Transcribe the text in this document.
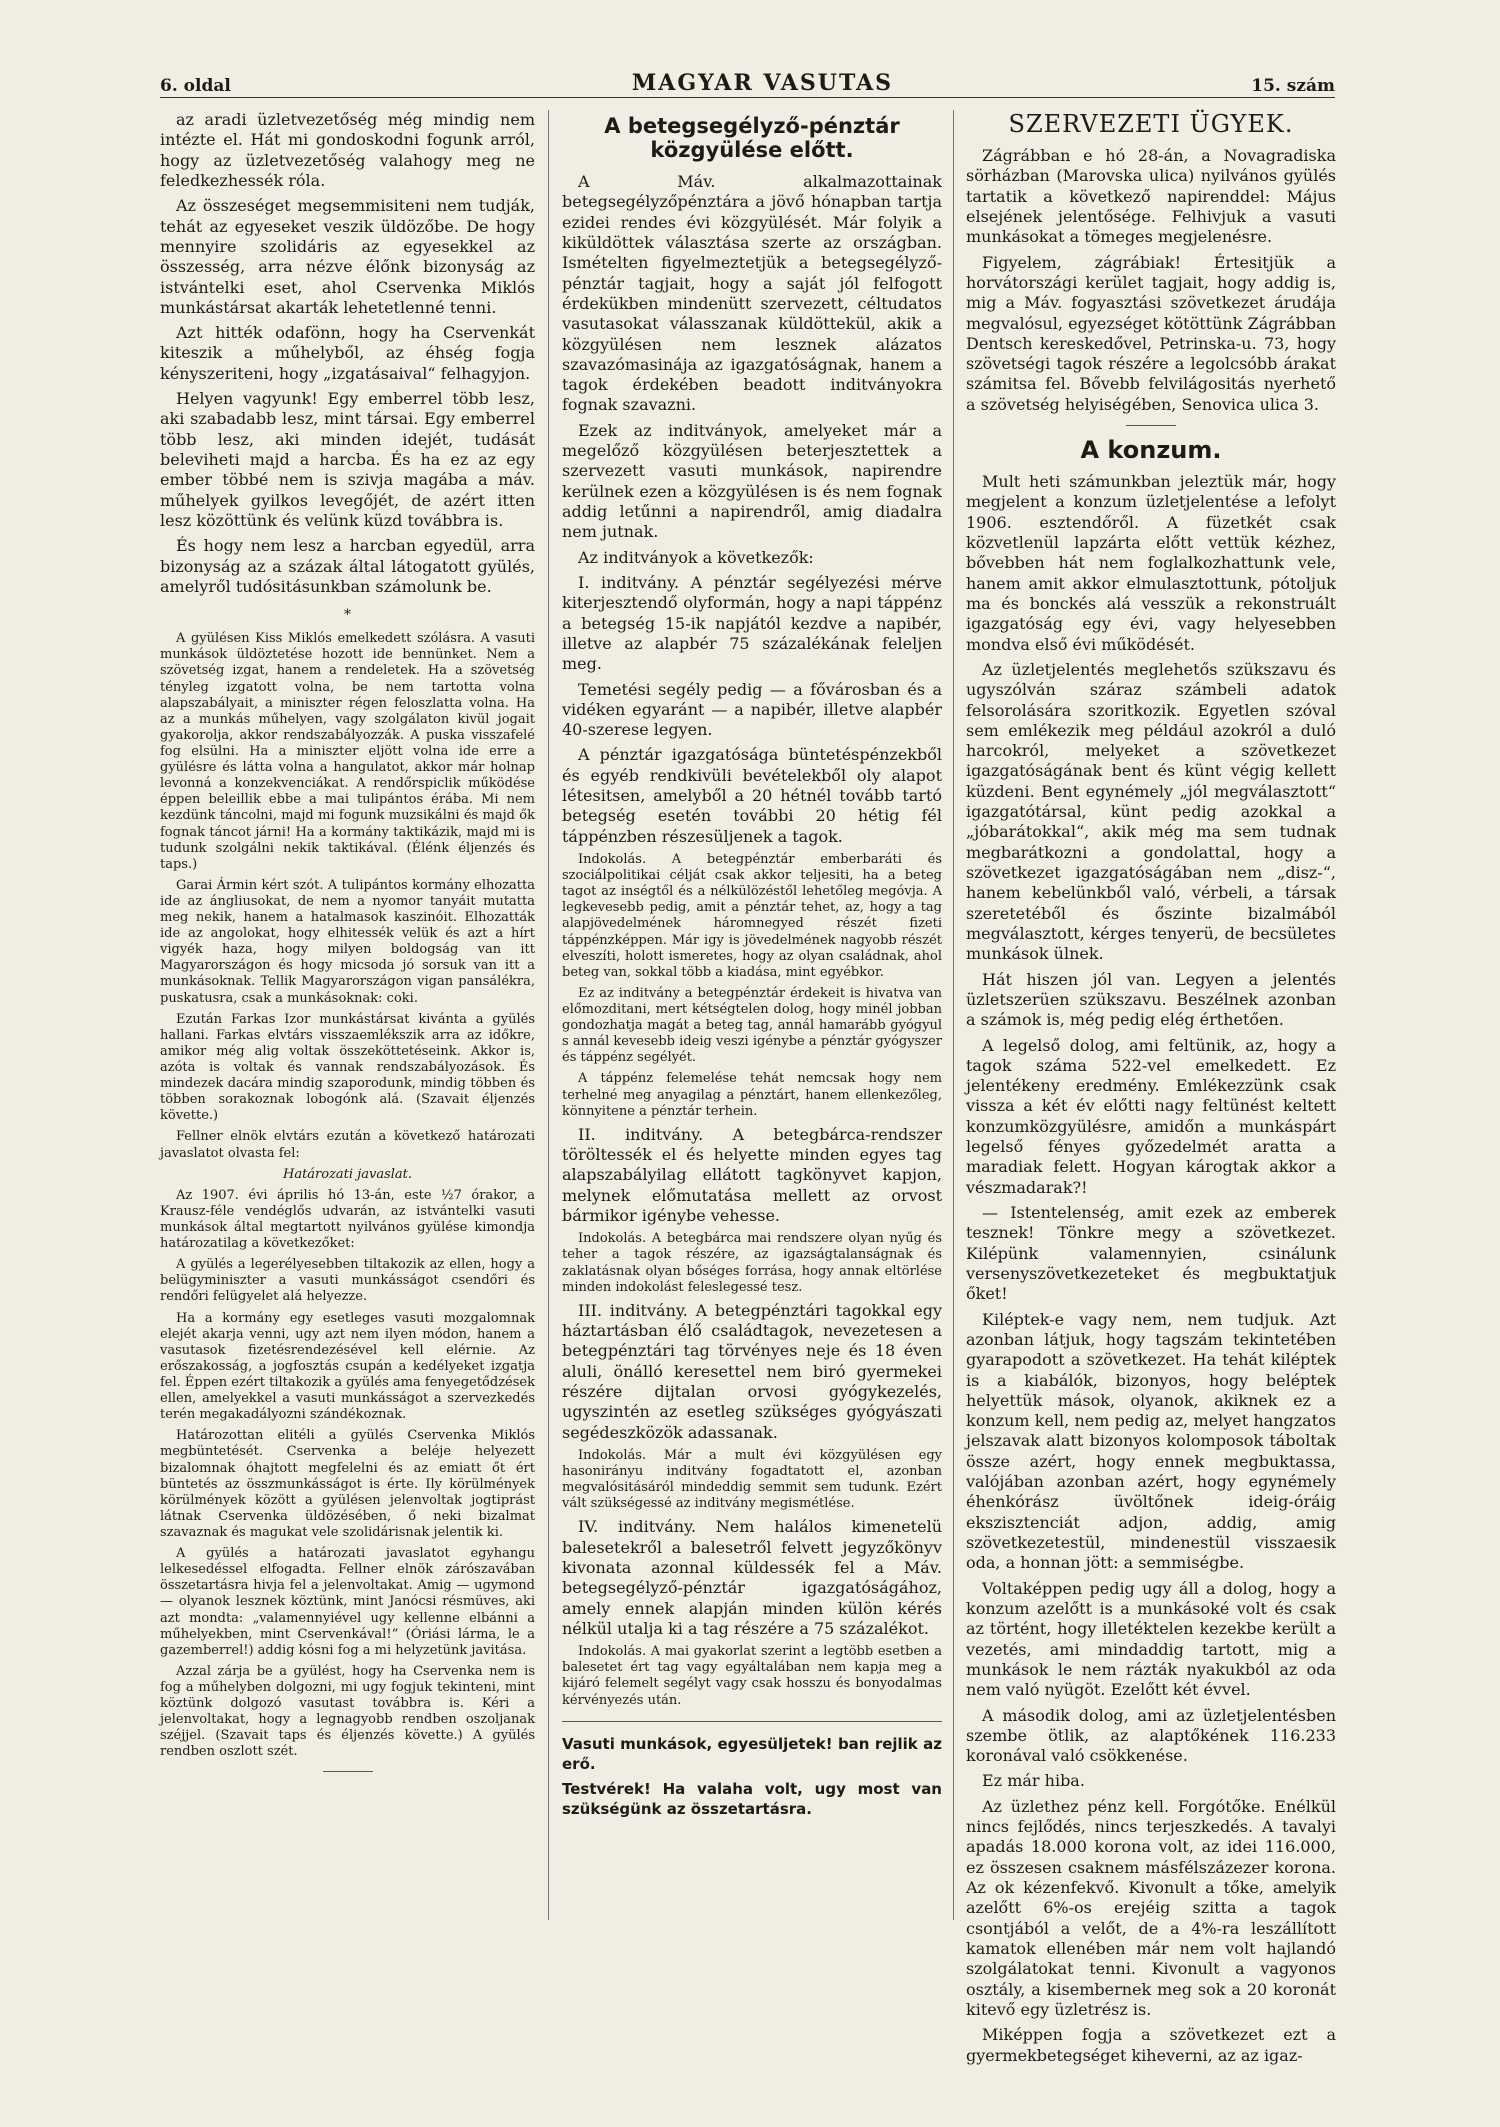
6. oldal	MAGYAR VASUTAS	15. szám

az aradi üzletvezetőség még mindig nem intézte el. Hát mi gondoskodni fogunk arról, hogy az üzletvezetőség valahogy meg ne feledkezhessék róla.

Az összeséget megsemmisiteni nem tudják, tehát az egyeseket veszik üldözőbe. De hogy mennyire szolidáris az egyesekkel az összesség, arra nézve élőnk bizonyság az istvántelki eset, ahol Cservenka Miklós munkástársat akarták lehetetlenné tenni.

Azt hitték odafönn, hogy ha Cservenkát kiteszik a műhelyből, az éhség fogja kényszeriteni, hogy „izgatásaival“ felhagyjon.

Helyen vagyunk! Egy emberrel több lesz, aki szabadabb lesz, mint társai. Egy emberrel több lesz, aki minden idejét, tudását beleviheti majd a harcba. És ha ez az egy ember többé nem is szivja magába a máv. műhelyek gyilkos levegőjét, de azért itten lesz közöttünk és velünk küzd továbbra is.

És hogy nem lesz a harcban egyedül, arra bizonyság az a százak által látogatott gyülés, amelyről tudósitásunkban számolunk be.

*

A gyülésen Kiss Miklós emelkedett szólásra. A vasuti munkások üldöztetése hozott ide bennünket. Nem a szövetség izgat, hanem a rendeletek. Ha a szövetség tényleg izgatott volna, be nem tartotta volna alapszabályait, a miniszter régen feloszlatta volna. Ha az a munkás műhelyen, vagy szolgálaton kivül jogait gyakorolja, akkor rendszabályozzák. A puska visszafelé fog elsülni. Ha a miniszter eljött volna ide erre a gyülésre és látta volna a hangulatot, akkor már holnap levonná a konzekvenciákat. A rendőrspiclik működése éppen beleillik ebbe a mai tulipántos érába. Mi nem kezdünk táncolni, majd mi fogunk muzsikálni és majd ők fognak táncot járni! Ha a kormány taktikázik, majd mi is tudunk szolgálni nekik taktikával. (Élénk éljenzés és taps.)

Garai Ármin kért szót. A tulipántos kormány elhozatta ide az ángliusokat, de nem a nyomor tanyáit mutatta meg nekik, hanem a hatalmasok kaszinóit. Elhozatták ide az angolokat, hogy elhitessék velük és azt a hírt vigyék haza, hogy milyen boldogság van itt Magyarországon és hogy micsoda jó sorsuk van itt a munkásoknak. Tellik Magyarországon vigan pansálékra, puskatusra, csak a munkásoknak: coki.

Ezután Farkas Izor munkástársat kivánta a gyülés hallani. Farkas elvtárs visszaemlékszik arra az időkre, amikor még alig voltak összeköttetéseink. Akkor is, azóta is voltak és vannak rendszabályozások. És mindezek dacára mindig szaporodunk, mindig többen és többen sorakoznak lobogónk alá. (Szavait éljenzés követte.)

Fellner elnök elvtárs ezután a következő határozati javaslatot olvasta fel:

Határozati javaslat.

Az 1907. évi április hó 13-án, este ½7 órakor, a Krausz-féle vendéglős udvarán, az istvántelki vasuti munkások által megtartott nyilvános gyülése kimondja határozatilag a következőket:

A gyülés a legerélyesebben tiltakozik az ellen, hogy a belügyminiszter a vasuti munkásságot csendőri és rendőri felügyelet alá helyezze.

Ha a kormány egy esetleges vasuti mozgalomnak elejét akarja venni, ugy azt nem ilyen módon, hanem a vasutasok fizetésrendezésével kell elérnie. Az erőszakosság, a jogfosztás csupán a kedélyeket izgatja fel. Éppen ezért tiltakozik a gyülés ama fenyegetődzések ellen, amelyekkel a vasuti munkásságot a szervezkedés terén megakadályozni szándékoznak.

Határozottan elitéli a gyülés Cservenka Miklós megbüntetését. Cservenka a beléje helyezett bizalomnak óhajtott megfelelni és az emiatt őt ért büntetés az összmunkásságot is érte. Ily körülmények körülmények között a gyülésen jelenvoltak jogtiprást látnak Cservenka üldözésében, ő neki bizalmat szavaznak és magukat vele szolidárisnak jelentik ki.

A gyülés a határozati javaslatot egyhangu lelkesedéssel elfogadta. Fellner elnök zárószavában összetartásra hivja fel a jelenvoltakat. Amig — ugymond — olyanok lesznek köztünk, mint Janócsi résmüves, aki azt mondta: „valamennyiével ugy kellenne elbánni a műhelyekben, mint Cservenkával!“ (Óriási lárma, le a gazemberrel!) addig kósni fog a mi helyzetünk javitása.

Azzal zárja be a gyülést, hogy ha Cservenka nem is fog a műhelyben dolgozni, mi ugy fogjuk tekinteni, mint köztünk dolgozó vasutast továbbra is. Kéri a jelenvoltakat, hogy a legnagyobb rendben oszoljanak széjjel. (Szavait taps és éljenzés követte.) A gyülés rendben oszlott szét.

A betegsegélyző-pénztár közgyülése előtt.

A Máv. alkalmazottainak betegsegélyzőpénztára a jövő hónapban tartja ezidei rendes évi közgyülését. Már folyik a kiküldöttek választása szerte az országban. Ismételten figyelmeztetjük a betegsegélyző-pénztár tagjait, hogy a saját jól felfogott érdekükben mindenütt szervezett, céltudatos vasutasokat válasszanak küldöttekül, akik a közgyülésen nem lesznek alázatos szavazómasinája az igazgatóságnak, hanem a tagok érdekében beadott inditványokra fognak szavazni.

Ezek az inditványok, amelyeket már a megelőző közgyülésen beterjesztettek a szervezett vasuti munkások, napirendre kerülnek ezen a közgyülésen is és nem fognak addig letűnni a napirendről, amig diadalra nem jutnak.

Az inditványok a következők:

I. inditvány. A pénztár segélyezési mérve kiterjesztendő olyformán, hogy a napi táppénz a betegség 15-ik napjától kezdve a napibér, illetve az alapbér 75 százalékának feleljen meg.

Temetési segély pedig — a fővárosban és a vidéken egyaránt — a napibér, illetve alapbér 40-szerese legyen.

A pénztár igazgatósága büntetéspénzekből és egyéb rendkivüli bevételekből oly alapot létesitsen, amelyből a 20 hétnél tovább tartó betegség esetén további 20 hétig fél táppénzben részesüljenek a tagok.

Indokolás. A betegpénztár emberbaráti és szociálpolitikai célját csak akkor teljesiti, ha a beteg tagot az inségtől és a nélkülözéstől lehetőleg megóvja. A legkevesebb pedig, amit a pénztár tehet, az, hogy a tag alapjövedelmének háromnegyed részét fizeti táppénzképpen. Már igy is jövedelmének nagyobb részét elveszíti, holott ismeretes, hogy az olyan családnak, ahol beteg van, sokkal több a kiadása, mint egyébkor.

Ez az inditvány a betegpénztár érdekeit is hivatva van előmozditani, mert kétségtelen dolog, hogy minél jobban gondozhatja magát a beteg tag, annál hamarább gyógyul s annál kevesebb ideig veszi igénybe a pénztár gyógyszer és táppénz segélyét.

A táppénz felemelése tehát nemcsak hogy nem terhelné meg anyagilag a pénztárt, hanem ellenkezőleg, könnyitene a pénztár terhein.

II. inditvány. A betegbárca-rendszer töröltessék el és helyette minden egyes tag alapszabályilag ellátott tagkönyvet kapjon, melynek előmutatása mellett az orvost bármikor igénybe vehesse.

Indokolás. A betegbárca mai rendszere olyan nyűg és teher a tagok részére, az igazságtalanságnak és zaklatásnak olyan bőséges forrása, hogy annak eltörlése minden indokolást feleslegessé tesz.

III. inditvány. A betegpénztári tagokkal egy háztartásban élő családtagok, nevezetesen a betegpénztári tag törvényes neje és 18 éven aluli, önálló keresettel nem biró gyermekei részére dijtalan orvosi gyógykezelés, ugyszintén az esetleg szükséges gyógyászati segédeszközök adassanak.

Indokolás. Már a mult évi közgyülésen egy hasonirányu inditvány fogadtatott el, azonban megvalósitásáról mindeddig semmit sem tudunk. Ezért vált szükségessé az inditvány megismétlése.

IV. inditvány. Nem halálos kimenetelü balesetekről a balesetről felvett jegyzőkönyv kivonata azonnal küldessék fel a Máv. betegsegélyző-pénztár igazgatóságához, amely ennek alapján minden külön kérés nélkül utalja ki a tag részére a 75 százalékot.

Indokolás. A mai gyakorlat szerint a legtöbb esetben a balesetet ért tag vagy egyáltalában nem kapja meg a kijáró felemelt segélyt vagy csak hosszu és bonyodalmas kérvényezés után.

Vasuti munkások, egyesüljetek! ban rejlik az erő.

Testvérek! Ha valaha volt, ugy most van szükségünk az összetartásra.

SZERVEZETI ÜGYEK.

Zágrábban e hó 28-án, a Novagradiska sörházban (Marovska ulica) nyilvános gyülés tartatik a következő napirenddel: Május elsejének jelentősége. Felhivjuk a vasuti munkásokat a tömeges megjelenésre.

Figyelem, zágrábiak! Értesitjük a horvátországi kerület tagjait, hogy addig is, mig a Máv. fogyasztási szövetkezet árudája megvalósul, egyezséget kötöttünk Zágrábban Dentsch kereskedővel, Petrinska-u. 73, hogy szövetségi tagok részére a legolcsóbb árakat számitsa fel. Bővebb felvilágositás nyerhető a szövetség helyiségében, Senovica ulica 3.

A konzum.

Mult heti számunkban jeleztük már, hogy megjelent a konzum üzletjelentése a lefolyt 1906. esztendőről. A füzetkét csak közvetlenül lapzárta előtt vettük kézhez, bővebben hát nem foglalkozhattunk vele, hanem amit akkor elmulasztottunk, pótoljuk ma és bonckés alá vesszük a rekonstruált igazgatóság egy évi, vagy helyesebben mondva első évi működését.

Az üzletjelentés meglehetős szükszavu és ugyszólván száraz számbeli adatok felsorolására szoritkozik. Egyetlen szóval sem emlékezik meg például azokról a duló harcokról, melyeket a szövetkezet igazgatóságának bent és künt végig kellett küzdeni. Bent egynémely „jól megválasztott“ igazgatótársal, künt pedig azokkal a „jóbarátokkal“, akik még ma sem tudnak megbarátkozni a gondolattal, hogy a szövetkezet igazgatóságában nem „disz-“, hanem kebelünkből való, vérbeli, a társak szeretetéből és őszinte bizalmából megválasztott, kérges tenyerü, de becsületes munkások ülnek.

Hát hiszen jól van. Legyen a jelentés üzletszerüen szükszavu. Beszélnek azonban a számok is, még pedig elég érthetően.

A legelső dolog, ami feltünik, az, hogy a tagok száma 522-vel emelkedett. Ez jelentékeny eredmény. Emlékezzünk csak vissza a két év előtti nagy feltünést keltett konzumközgyülésre, amidőn a munkáspárt legelső fényes győzedelmét aratta a maradiak felett. Hogyan károgtak akkor a vészmadarak?!

— Istentelenség, amit ezek az emberek tesznek! Tönkre megy a szövetkezet. Kilépünk valamennyien, csinálunk versenyszövetkezeteket és megbuktatjuk őket!

Kiléptek-e vagy nem, nem tudjuk. Azt azonban látjuk, hogy tagszám tekintetében gyarapodott a szövetkezet. Ha tehát kiléptek is a kiabálók, bizonyos, hogy beléptek helyettük mások, olyanok, akiknek ez a konzum kell, nem pedig az, melyet hangzatos jelszavak alatt bizonyos kolomposok táboltak össze azért, hogy ennek megbuktassa, valójában azonban azért, hogy egynémely éhenkórász üvöltőnek ideig-óráig ekszisztenciát adjon, addig, amig szövetkezetestül, mindenestül visszaesik oda, a honnan jött: a semmiségbe.

Voltaképpen pedig ugy áll a dolog, hogy a konzum azelőtt is a munkásoké volt és csak az történt, hogy illetéktelen kezekbe került a vezetés, ami mindaddig tartott, mig a munkások le nem rázták nyakukból az oda nem való nyügöt. Ezelőtt két évvel.

A második dolog, ami az üzletjelentésben szembe ötlik, az alaptőkének 116.233 koronával való csökkenése.

Ez már hiba.

Az üzlethez pénz kell. Forgótőke. Enélkül nincs fejlődés, nincs terjeszkedés. A tavalyi apadás 18.000 korona volt, az idei 116.000, ez összesen csaknem másfélszázezer korona. Az ok kézenfekvő. Kivonult a tőke, amelyik azelőtt 6%-os erejéig szitta a tagok csontjából a velőt, de a 4%-ra leszállított kamatok ellenében már nem volt hajlandó szolgálatokat tenni. Kivonult a vagyonos osztály, a kisembernek meg sok a 20 koronát kitevő egy üzletrész is.

Miképpen fogja a szövetkezet ezt a gyermekbetegséget kiheverni, az az igaz-
